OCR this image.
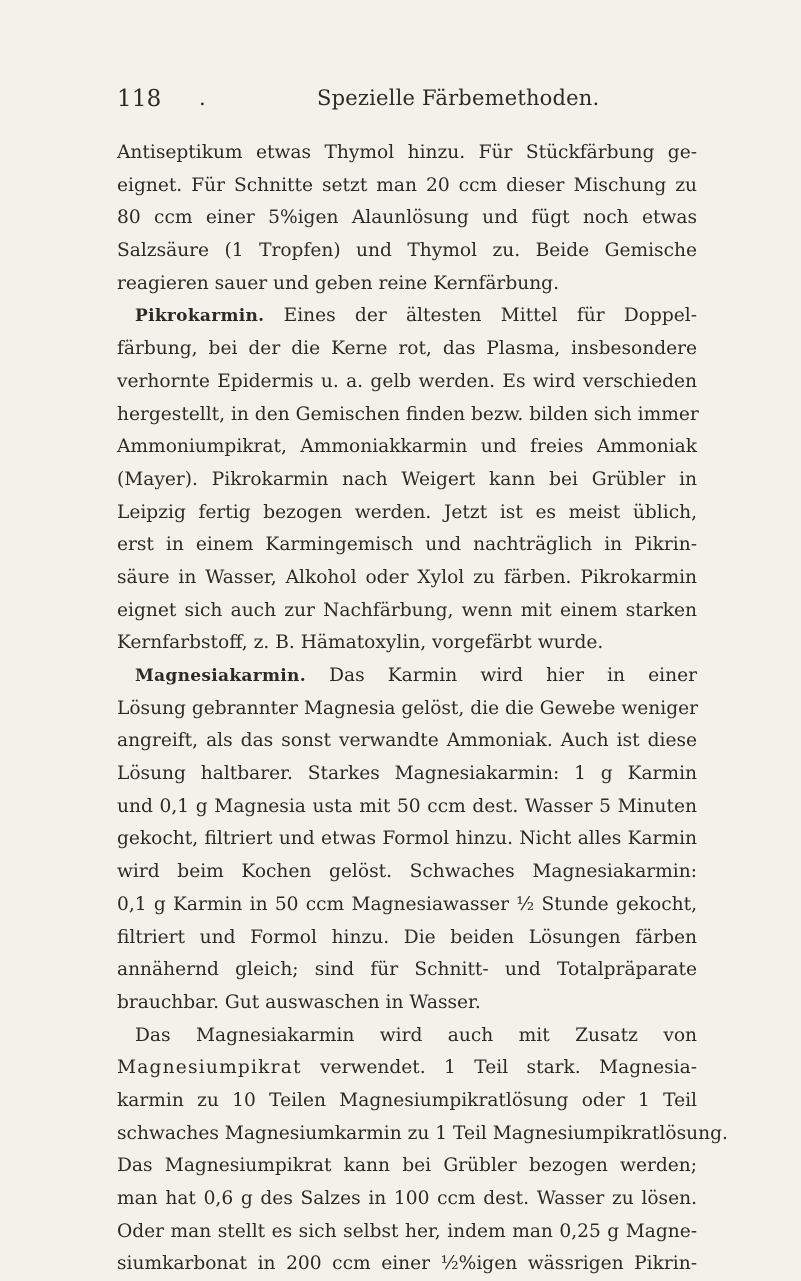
118 .	Spezielle Färbemethoden.
Antiseptikum etwas Thymol hinzu. Für Stückfärbung ge-
eignet. Für Schnitte setzt man 20 ccm dieser Mischung zu
80 ccm einer 5%igen Alaunlösung und fügt noch etwas
Salzsäure (1 Tropfen) und Thymol zu. Beide Gemische
reagieren sauer und geben reine Kernfärbung.
Pikrokarmin. Eines der ältesten Mittel für Doppel-
färbung, bei der die Kerne rot, das Plasma, insbesondere
verhornte Epidermis u. a. gelb werden. Es wird verschieden
hergestellt, in den Gemischen finden bezw. bilden sich immer
Ammoniumpikrat, Ammoniakkarmin und freies Ammoniak
(Mayer). Pikrokarmin nach Weigert kann bei Grübler in
Leipzig fertig bezogen werden. Jetzt ist es meist üblich,
erst in einem Karmingemisch und nachträglich in Pikrin-
säure in Wasser, Alkohol oder Xylol zu färben. Pikrokarmin
eignet sich auch zur Nachfärbung, wenn mit einem starken
Kernfarbstoff, z. B. Hämatoxylin, vorgefärbt wurde.
Magnesiakarmin. Das Karmin wird hier in einer
Lösung gebrannter Magnesia gelöst, die die Gewebe weniger
angreift, als das sonst verwandte Ammoniak. Auch ist diese
Lösung haltbarer. Starkes Magnesiakarmin: 1 g Karmin
und 0,1 g Magnesia usta mit 50 ccm dest. Wasser 5 Minuten
gekocht, filtriert und etwas Formol hinzu. Nicht alles Karmin
wird beim Kochen gelöst. Schwaches Magnesiakarmin:
0,1 g Karmin in 50 ccm Magnesiawasser ½ Stunde gekocht,
filtriert und Formol hinzu. Die beiden Lösungen färben
annähernd gleich; sind für Schnitt- und Totalpräparate
brauchbar. Gut auswaschen in Wasser.
Das Magnesiakarmin wird auch mit Zusatz von
Magnesiumpikrat verwendet. 1 Teil stark. Magnesia-
karmin zu 10 Teilen Magnesiumpikratlösung oder 1 Teil
schwaches Magnesiumkarmin zu 1 Teil Magnesiumpikratlösung.
Das Magnesiumpikrat kann bei Grübler bezogen werden;
man hat 0,6 g des Salzes in 100 ccm dest. Wasser zu lösen.
Oder man stellt es sich selbst her, indem man 0,25 g Magne-
siumkarbonat in 200 ccm einer ½%igen wässrigen Pikrin-
